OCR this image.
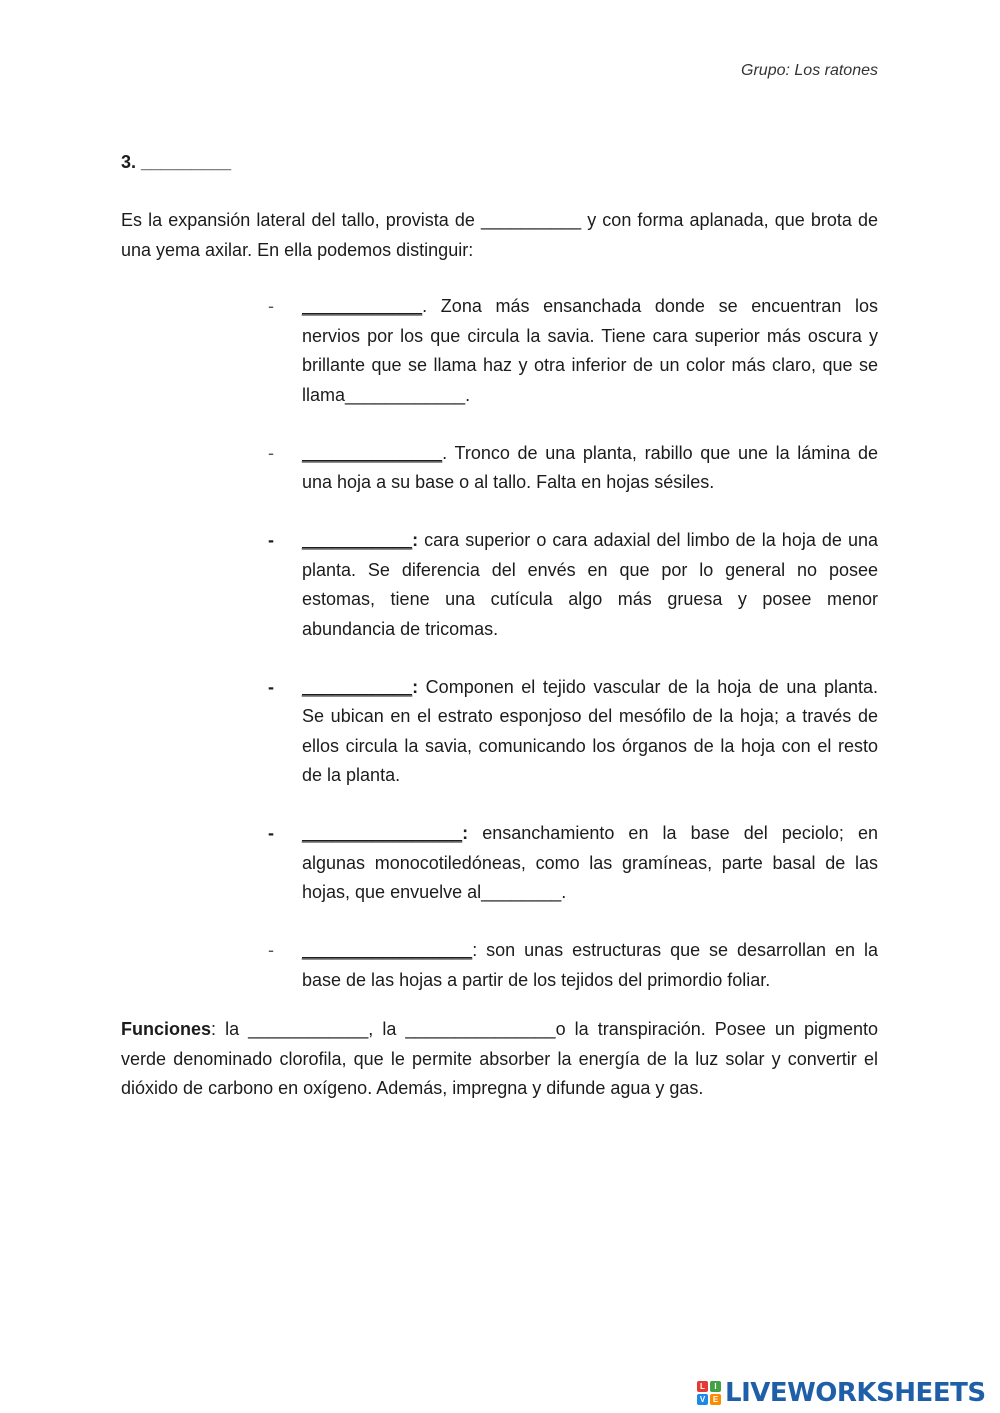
Grupo: Los ratones
3. _________

Es la expansión lateral del tallo, provista de __________ y con forma aplanada, que brota de una yema axilar. En ella podemos distinguir:

-	____________. Zona más ensanchada donde se encuentran los nervios por los que circula la savia. Tiene cara superior más oscura y brillante que se llama haz y otra inferior de un color más claro, que se llama____________.
-	______________. Tronco de una planta, rabillo que une la lámina de una hoja a su base o al tallo. Falta en hojas sésiles.
-	___________: cara superior o cara adaxial del limbo de la hoja de una planta. Se diferencia del envés en que por lo general no posee estomas, tiene una cutícula algo más gruesa y posee menor abundancia de tricomas.
-	___________: Componen el tejido vascular de la hoja de una planta. Se ubican en el estrato esponjoso del mesófilo de la hoja; a través de ellos circula la savia, comunicando los órganos de la hoja con el resto de la planta.
-	________________: ensanchamiento en la base del peciolo; en algunas monocotiledóneas, como las gramíneas, parte basal de las hojas, que envuelve al________.
-	_________________: son unas estructuras que se desarrollan en la base de las hojas a partir de los tejidos del primordio foliar.

Funciones: la ____________, la _______________o la transpiración. Posee un pigmento verde denominado clorofila, que le permite absorber la energía de la luz solar y convertir el dióxido de carbono en oxígeno. Además, impregna y difunde agua y gas.

L	I
V E LIVEWORKSHEETS
